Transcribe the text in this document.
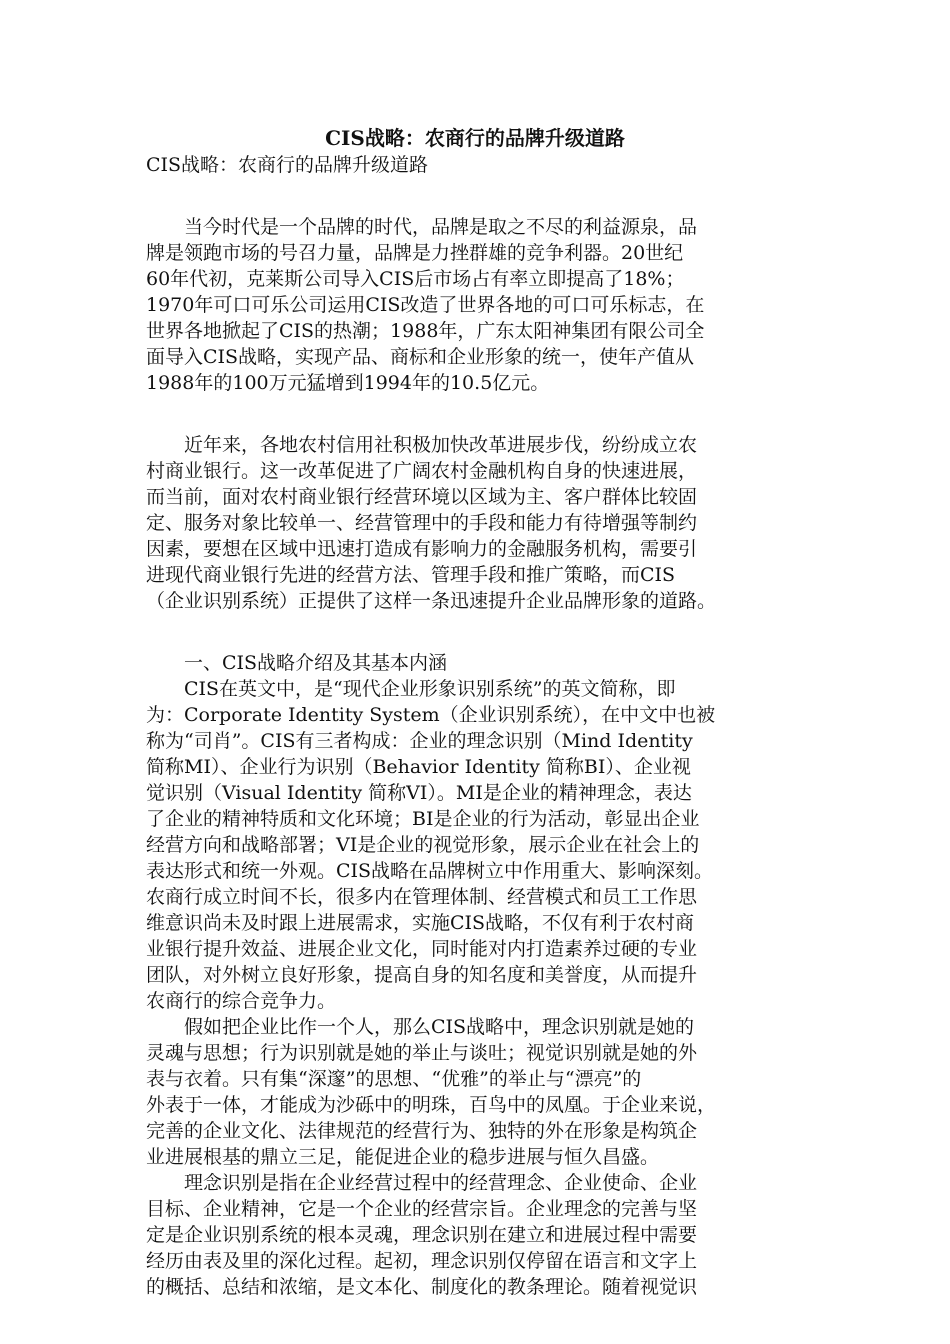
CIS战略：农商行的品牌升级道路

CIS战略：农商行的品牌升级道路

　　当今时代是一个品牌的时代，品牌是取之不尽的利益源泉，品
牌是领跑市场的号召力量，品牌是力挫群雄的竞争利器。20世纪
60年代初，克莱斯公司导入CIS后市场占有率立即提高了18%；
1970年可口可乐公司运用CIS改造了世界各地的可口可乐标志，在
世界各地掀起了CIS的热潮；1988年，广东太阳神集团有限公司全
面导入CIS战略，实现产品、商标和企业形象的统一，使年产值从
1988年的100万元猛增到1994年的10.5亿元。
　　近年来，各地农村信用社积极加快改革进展步伐，纷纷成立农
村商业银行。这一改革促进了广阔农村金融机构自身的快速进展，
而当前，面对农村商业银行经营环境以区域为主、客户群体比较固
定、服务对象比较单一、经营管理中的手段和能力有待增强等制约
因素，要想在区域中迅速打造成有影响力的金融服务机构，需要引
进现代商业银行先进的经营方法、管理手段和推广策略，而CIS
（企业识别系统）正提供了这样一条迅速提升企业品牌形象的道路。
　　一、CIS战略介绍及其基本内涵
　　CIS在英文中，是“现代企业形象识别系统”的英文简称，即
为：Corporate Identity System（企业识别系统），在中文中也被
称为“司肖”。CIS有三者构成：企业的理念识别（Mind Identity
简称MI）、企业行为识别（Behavior Identity 简称BI）、企业视
觉识别（Visual Identity 简称VI）。MI是企业的精神理念，表达
了企业的精神特质和文化环境；BI是企业的行为活动，彰显出企业
经营方向和战略部署；VI是企业的视觉形象，展示企业在社会上的
表达形式和统一外观。CIS战略在品牌树立中作用重大、影响深刻。
农商行成立时间不长，很多内在管理体制、经营模式和员工工作思
维意识尚未及时跟上进展需求，实施CIS战略，不仅有利于农村商
业银行提升效益、进展企业文化，同时能对内打造素养过硬的专业
团队，对外树立良好形象，提高自身的知名度和美誉度，从而提升
农商行的综合竞争力。
　　假如把企业比作一个人，那么CIS战略中，理念识别就是她的
灵魂与思想；行为识别就是她的举止与谈吐；视觉识别就是她的外
表与衣着。只有集“深邃”的思想、“优雅”的举止与“漂亮”的
外表于一体，才能成为沙砾中的明珠，百鸟中的凤凰。于企业来说，
完善的企业文化、法律规范的经营行为、独特的外在形象是构筑企
业进展根基的鼎立三足，能促进企业的稳步进展与恒久昌盛。
　　理念识别是指在企业经营过程中的经营理念、企业使命、企业
目标、企业精神，它是一个企业的经营宗旨。企业理念的完善与坚
定是企业识别系统的根本灵魂，理念识别在建立和进展过程中需要
经历由表及里的深化过程。起初，理念识别仅停留在语言和文字上
的概括、总结和浓缩，是文本化、制度化的教条理论。随着视觉识
